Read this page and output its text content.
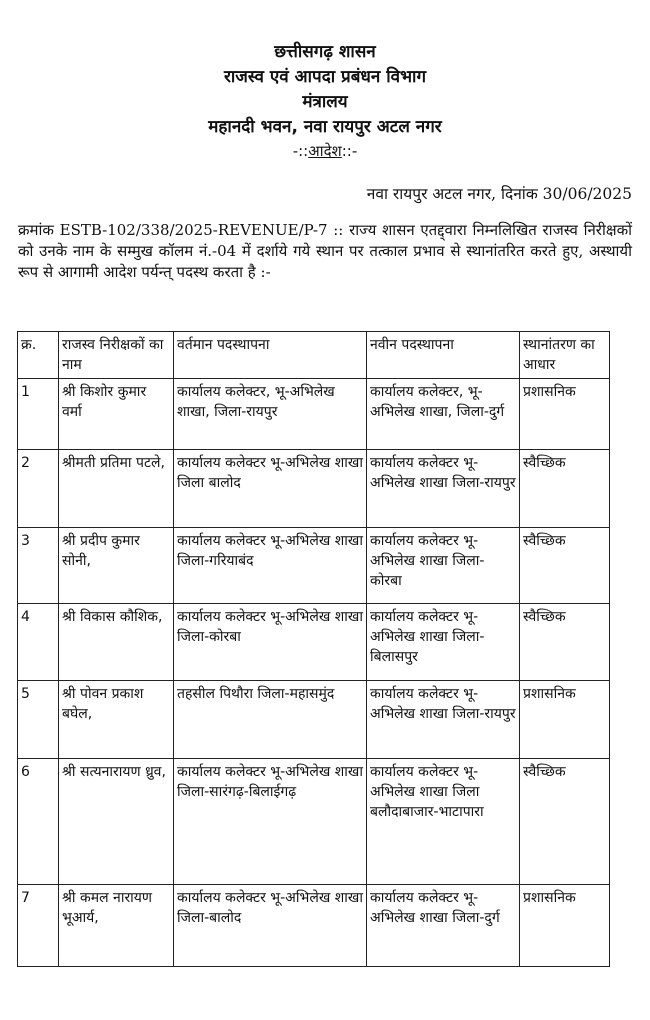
छत्तीसगढ़ शासन

राजस्व एवं आपदा प्रबंधन विभाग

मंत्रालय

महानदी भवन, नवा रायपुर अटल नगर

-::आदेश::-
नवा रायपुर अटल नगर, दिनांक 30/06/2025
क्रमांक ESTB-102/338/2025-REVENUE/P-7 :: राज्य शासन एतद्द्वारा निम्नलिखित राजस्व निरीक्षकों को उनके नाम के सम्मुख कॉलम नं.-04 में दर्शाये गये स्थान पर तत्काल प्रभाव से स्थानांतरित करते हुए, अस्थायी रूप से आगामी आदेश पर्यन्त् पदस्थ करता है :-
क्र.	राजस्व निरीक्षकों का नाम	वर्तमान पदस्थापना	नवीन पदस्थापना	स्थानांतरण का आधार
1	श्री किशोर कुमार वर्मा	कार्यालय कलेक्टर, भू-अभिलेख शाखा, जिला-रायपुर	कार्यालय कलेक्टर, भू-अभिलेख शाखा, जिला-दुर्ग	प्रशासनिक
2	श्रीमती प्रतिमा पटले,	कार्यालय कलेक्टर भू-अभिलेख शाखा जिला बालोद	कार्यालय कलेक्टर भू-अभिलेख शाखा जिला-रायपुर	स्वैच्छिक
3	श्री प्रदीप कुमार सोनी,	कार्यालय कलेक्टर भू-अभिलेख शाखा जिला-गरियाबंद	कार्यालय कलेक्टर भू-अभिलेख शाखा जिला- कोरबा	स्वैच्छिक
4	श्री विकास कौशिक,	कार्यालय कलेक्टर भू-अभिलेख शाखा जिला-कोरबा	कार्यालय कलेक्टर भू-अभिलेख शाखा जिला-बिलासपुर	स्वैच्छिक
5	श्री पोवन प्रकाश बघेल,	तहसील पिथौरा जिला-महासमुंद	कार्यालय कलेक्टर भू-अभिलेख शाखा जिला-रायपुर	प्रशासनिक
6	श्री सत्यनारायण ध्रुव,	कार्यालय कलेक्टर भू-अभिलेख शाखा जिला-सारंगढ़-बिलाईगढ़	कार्यालय कलेक्टर भू-अभिलेख शाखा जिला बलौदाबाजार-भाटापारा	स्वैच्छिक
7	श्री कमल नारायण भूआर्य,	कार्यालय कलेक्टर भू-अभिलेख शाखा जिला-बालोद	कार्यालय कलेक्टर भू-अभिलेख शाखा जिला-दुर्ग	प्रशासनिक
